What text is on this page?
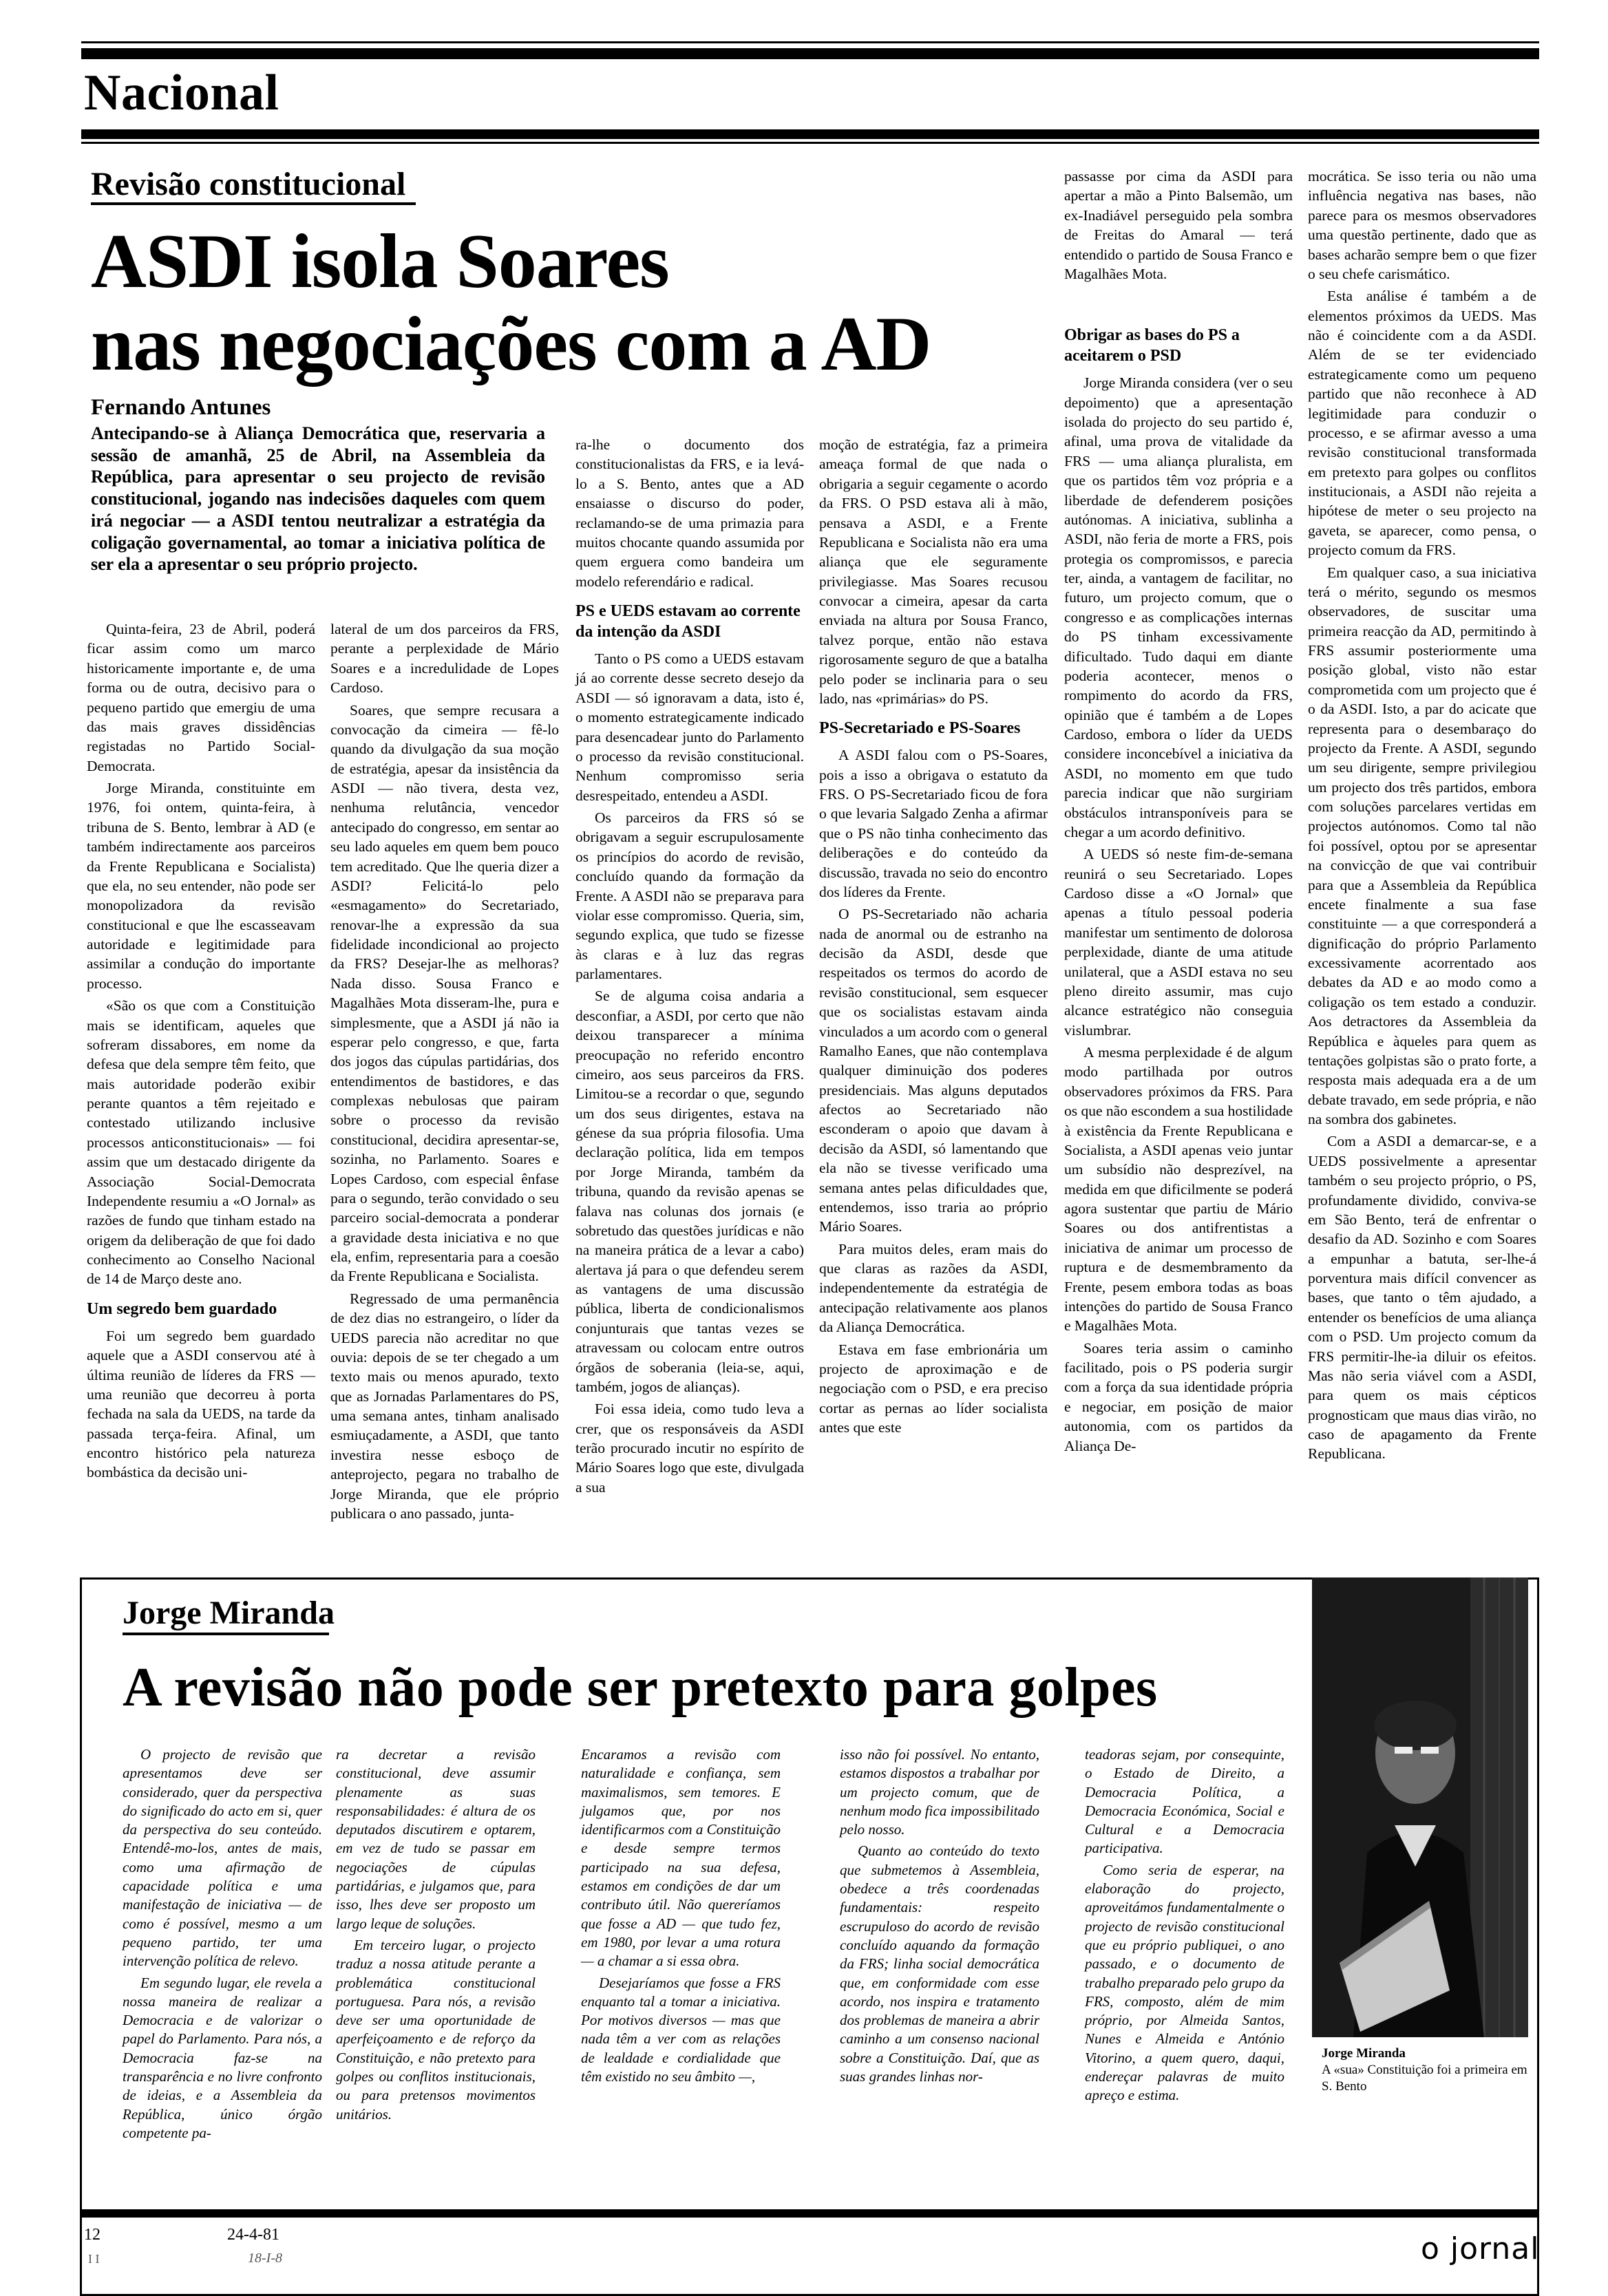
Nacional
Revisão constitucional
ASDI isola Soares
nas negociações com a AD
Fernando Antunes
Antecipando-se à Aliança Democrática que, reservaria a sessão de amanhã, 25 de Abril, na Assembleia da República, para apresentar o seu projecto de revisão constitucional, jogando nas indecisões daqueles com quem irá negociar — a ASDI tentou neutralizar a estratégia da coligação governamental, ao tomar a iniciativa política de ser ela a apresentar o seu próprio projecto.

Quinta-feira, 23 de Abril, poderá ficar assim como um marco historicamente importante e, de uma forma ou de outra, decisivo para o pequeno partido que emergiu de uma das mais graves dissidências registadas no Partido Social-Democrata.

Jorge Miranda, constituinte em 1976, foi ontem, quinta-feira, à tribuna de S. Bento, lembrar à AD (e também indirectamente aos parceiros da Frente Republicana e Socialista) que ela, no seu entender, não pode ser monopolizadora da revisão constitucional e que lhe escasseavam autoridade e legitimidade para assimilar a condução do importante processo.

«São os que com a Constituição mais se identificam, aqueles que sofreram dissabores, em nome da defesa que dela sempre têm feito, que mais autoridade poderão exibir perante quantos a têm rejeitado e contestado utilizando inclusive processos anticonstitucionais» — foi assim que um destacado dirigente da Associação Social-Democrata Independente resumiu a «O Jornal» as razões de fundo que tinham estado na origem da deliberação de que foi dado conhecimento ao Conselho Nacional de 14 de Março deste ano.

Um segredo bem guardado

Foi um segredo bem guardado aquele que a ASDI conservou até à última reunião de líderes da FRS — uma reunião que decorreu à porta fechada na sala da UEDS, na tarde da passada terça-feira. Afinal, um encontro histórico pela natureza bombástica da decisão uni-

lateral de um dos parceiros da FRS, perante a perplexidade de Mário Soares e a incredulidade de Lopes Cardoso.

Soares, que sempre recusara a convocação da cimeira — fê-lo quando da divulgação da sua moção de estratégia, apesar da insistência da ASDI — não tivera, desta vez, nenhuma relutância, vencedor antecipado do congresso, em sentar ao seu lado aqueles em quem bem pouco tem acreditado. Que lhe queria dizer a ASDI? Felicitá-lo pelo «esmagamento» do Secretariado, renovar-lhe a expressão da sua fidelidade incondicional ao projecto da FRS? Desejar-lhe as melhoras? Nada disso. Sousa Franco e Magalhães Mota disseram-lhe, pura e simplesmente, que a ASDI já não ia esperar pelo congresso, e que, farta dos jogos das cúpulas partidárias, dos entendimentos de bastidores, e das complexas nebulosas que pairam sobre o processo da revisão constitucional, decidira apresentar-se, sozinha, no Parlamento. Soares e Lopes Cardoso, com especial ênfase para o segundo, terão convidado o seu parceiro social-democrata a ponderar a gravidade desta iniciativa e no que ela, enfim, representaria para a coesão da Frente Republicana e Socialista.

Regressado de uma permanência de dez dias no estrangeiro, o líder da UEDS parecia não acreditar no que ouvia: depois de se ter chegado a um texto mais ou menos apurado, texto que as Jornadas Parlamentares do PS, uma semana antes, tinham analisado esmiuçadamente, a ASDI, que tanto investira nesse esboço de anteprojecto, pegara no trabalho de Jorge Miranda, que ele próprio publicara o ano passado, junta-

ra-lhe o documento dos constitucionalistas da FRS, e ia levá-lo a S. Bento, antes que a AD ensaiasse o discurso do poder, reclamando-se de uma primazia para muitos chocante quando assumida por quem erguera como bandeira um modelo referendário e radical.

PS e UEDS estavam ao corrente da intenção da ASDI

Tanto o PS como a UEDS estavam já ao corrente desse secreto desejo da ASDI — só ignoravam a data, isto é, o momento estrategicamente indicado para desencadear junto do Parlamento o processo da revisão constitucional. Nenhum compromisso seria desrespeitado, entendeu a ASDI.

Os parceiros da FRS só se obrigavam a seguir escrupulosamente os princípios do acordo de revisão, concluído quando da formação da Frente. A ASDI não se preparava para violar esse compromisso. Queria, sim, segundo explica, que tudo se fizesse às claras e à luz das regras parlamentares.

Se de alguma coisa andaria a desconfiar, a ASDI, por certo que não deixou transparecer a mínima preocupação no referido encontro cimeiro, aos seus parceiros da FRS. Limitou-se a recordar o que, segundo um dos seus dirigentes, estava na génese da sua própria filosofia. Uma declaração política, lida em tempos por Jorge Miranda, também da tribuna, quando da revisão apenas se falava nas colunas dos jornais (e sobretudo das questões jurídicas e não na maneira prática de a levar a cabo) alertava já para o que defendeu serem as vantagens de uma discussão pública, liberta de condicionalismos conjunturais que tantas vezes se atravessam ou colocam entre outros órgãos de soberania (leia-se, aqui, também, jogos de alianças).

Foi essa ideia, como tudo leva a crer, que os responsáveis da ASDI terão procurado incutir no espírito de Mário Soares logo que este, divulgada a sua

moção de estratégia, faz a primeira ameaça formal de que nada o obrigaria a seguir cegamente o acordo da FRS. O PSD estava ali à mão, pensava a ASDI, e a Frente Republicana e Socialista não era uma aliança que ele seguramente privilegiasse. Mas Soares recusou convocar a cimeira, apesar da carta enviada na altura por Sousa Franco, talvez porque, então não estava rigorosamente seguro de que a batalha pelo poder se inclinaria para o seu lado, nas «primárias» do PS.

PS-Secretariado e PS-Soares

A ASDI falou com o PS-Soares, pois a isso a obrigava o estatuto da FRS. O PS-Secretariado ficou de fora o que levaria Salgado Zenha a afirmar que o PS não tinha conhecimento das deliberações e do conteúdo da discussão, travada no seio do encontro dos líderes da Frente.

O PS-Secretariado não acharia nada de anormal ou de estranho na decisão da ASDI, desde que respeitados os termos do acordo de revisão constitucional, sem esquecer que os socialistas estavam ainda vinculados a um acordo com o general Ramalho Eanes, que não contemplava qualquer diminuição dos poderes presidenciais. Mas alguns deputados afectos ao Secretariado não esconderam o apoio que davam à decisão da ASDI, só lamentando que ela não se tivesse verificado uma semana antes pelas dificuldades que, entendemos, isso traria ao próprio Mário Soares.

Para muitos deles, eram mais do que claras as razões da ASDI, independentemente da estratégia de antecipação relativamente aos planos da Aliança Democrática.

Estava em fase embrionária um projecto de aproximação e de negociação com o PSD, e era preciso cortar as pernas ao líder socialista antes que este

passasse por cima da ASDI para apertar a mão a Pinto Balsemão, um ex-Inadiável perseguido pela sombra de Freitas do Amaral — terá entendido o partido de Sousa Franco e Magalhães Mota.

Obrigar as bases do PS a aceitarem o PSD

Jorge Miranda considera (ver o seu depoimento) que a apresentação isolada do projecto do seu partido é, afinal, uma prova de vitalidade da FRS — uma aliança pluralista, em que os partidos têm voz própria e a liberdade de defenderem posições autónomas. A iniciativa, sublinha a ASDI, não feria de morte a FRS, pois protegia os compromissos, e parecia ter, ainda, a vantagem de facilitar, no futuro, um projecto comum, que o congresso e as complicações internas do PS tinham excessivamente dificultado. Tudo daqui em diante poderia acontecer, menos o rompimento do acordo da FRS, opinião que é também a de Lopes Cardoso, embora o líder da UEDS considere inconcebível a iniciativa da ASDI, no momento em que tudo parecia indicar que não surgiriam obstáculos intransponíveis para se chegar a um acordo definitivo.

A UEDS só neste fim-de-semana reunirá o seu Secretariado. Lopes Cardoso disse a «O Jornal» que apenas a título pessoal poderia manifestar um sentimento de dolorosa perplexidade, diante de uma atitude unilateral, que a ASDI estava no seu pleno direito assumir, mas cujo alcance estratégico não conseguia vislumbrar.

A mesma perplexidade é de algum modo partilhada por outros observadores próximos da FRS. Para os que não escondem a sua hostilidade à existência da Frente Republicana e Socialista, a ASDI apenas veio juntar um subsídio não desprezível, na medida em que dificilmente se poderá agora sustentar que partiu de Mário Soares ou dos antifrentistas a iniciativa de animar um processo de ruptura e de desmembramento da Frente, pesem embora todas as boas intenções do partido de Sousa Franco e Magalhães Mota.

Soares teria assim o caminho facilitado, pois o PS poderia surgir com a força da sua identidade própria e negociar, em posição de maior autonomia, com os partidos da Aliança De-

mocrática. Se isso teria ou não uma influência negativa nas bases, não parece para os mesmos observadores uma questão pertinente, dado que as bases acharão sempre bem o que fizer o seu chefe carismático.

Esta análise é também a de elementos próximos da UEDS. Mas não é coincidente com a da ASDI. Além de se ter evidenciado estrategicamente como um pequeno partido que não reconhece à AD legitimidade para conduzir o processo, e se afirmar avesso a uma revisão constitucional transformada em pretexto para golpes ou conflitos institucionais, a ASDI não rejeita a hipótese de meter o seu projecto na gaveta, se aparecer, como pensa, o projecto comum da FRS.

Em qualquer caso, a sua iniciativa terá o mérito, segundo os mesmos observadores, de suscitar uma primeira reacção da AD, permitindo à FRS assumir posteriormente uma posição global, visto não estar comprometida com um projecto que é o da ASDI. Isto, a par do acicate que representa para o desembaraço do projecto da Frente. A ASDI, segundo um seu dirigente, sempre privilegiou um projecto dos três partidos, embora com soluções parcelares vertidas em projectos autónomos. Como tal não foi possível, optou por se apresentar na convicção de que vai contribuir para que a Assembleia da República encete finalmente a sua fase constituinte — a que corresponderá a dignificação do próprio Parlamento excessivamente acorrentado aos debates da AD e ao modo como a coligação os tem estado a conduzir. Aos detractores da Assembleia da República e àqueles para quem as tentações golpistas são o prato forte, a resposta mais adequada era a de um debate travado, em sede própria, e não na sombra dos gabinetes.

Com a ASDI a demarcar-se, e a UEDS possivelmente a apresentar também o seu projecto próprio, o PS, profundamente dividido, conviva-se em São Bento, terá de enfrentar o desafio da AD. Sozinho e com Soares a empunhar a batuta, ser-lhe-á porventura mais difícil convencer as bases, que tanto o têm ajudado, a entender os benefícios de uma aliança com o PSD. Um projecto comum da FRS permitir-lhe-ia diluir os efeitos. Mas não seria viável com a ASDI, para quem os mais cépticos prognosticam que maus dias virão, no caso de apagamento da Frente Republicana.

Jorge Miranda
A revisão não pode ser pretexto para golpes

O projecto de revisão que apresentamos deve ser considerado, quer da perspectiva do significado do acto em si, quer da perspectiva do seu conteúdo. Entendê-mo-los, antes de mais, como uma afirmação de capacidade política e uma manifestação de iniciativa — de como é possível, mesmo a um pequeno partido, ter uma intervenção política de relevo.

Em segundo lugar, ele revela a nossa maneira de realizar a Democracia e de valorizar o papel do Parlamento. Para nós, a Democracia faz-se na transparência e no livre confronto de ideias, e a Assembleia da República, único órgão competente pa-

ra decretar a revisão constitucional, deve assumir plenamente as suas responsabilidades: é altura de os deputados discutirem e optarem, em vez de tudo se passar em negociações de cúpulas partidárias, e julgamos que, para isso, lhes deve ser proposto um largo leque de soluções.

Em terceiro lugar, o projecto traduz a nossa atitude perante a problemática constitucional portuguesa. Para nós, a revisão deve ser uma oportunidade de aperfeiçoamento e de reforço da Constituição, e não pretexto para golpes ou conflitos institucionais, ou para pretensos movimentos unitários.

Encaramos a revisão com naturalidade e confiança, sem maximalismos, sem temores. E julgamos que, por nos identificarmos com a Constituição e desde sempre termos participado na sua defesa, estamos em condições de dar um contributo útil. Não quereríamos que fosse a AD — que tudo fez, em 1980, por levar a uma rotura — a chamar a si essa obra.

Desejaríamos que fosse a FRS enquanto tal a tomar a iniciativa. Por motivos diversos — mas que nada têm a ver com as relações de lealdade e cordialidade que têm existido no seu âmbito —,

isso não foi possível. No entanto, estamos dispostos a trabalhar por um projecto comum, que de nenhum modo fica impossibilitado pelo nosso.

Quanto ao conteúdo do texto que submetemos à Assembleia, obedece a três coordenadas fundamentais: respeito escrupuloso do acordo de revisão concluído aquando da formação da FRS; linha social democrática que, em conformidade com esse acordo, nos inspira e tratamento dos problemas de maneira a abrir caminho a um consenso nacional sobre a Constituição. Daí, que as suas grandes linhas nor-

teadoras sejam, por consequinte, o Estado de Direito, a Democracia Política, a Democracia Económica, Social e Cultural e a Democracia participativa.

Como seria de esperar, na elaboração do projecto, aproveitámos fundamentalmente o projecto de revisão constitucional que eu próprio publiquei, o ano passado, e o documento de trabalho preparado pelo grupo da FRS, composto, além de mim próprio, por Almeida Santos, Nunes e Almeida e António Vitorino, a quem quero, daqui, endereçar palavras de muito apreço e estima.

Jorge Miranda
A «sua» Constituição foi a primeira em S. Bento
12	24-4-81	o jornal
I I	18-I-8
